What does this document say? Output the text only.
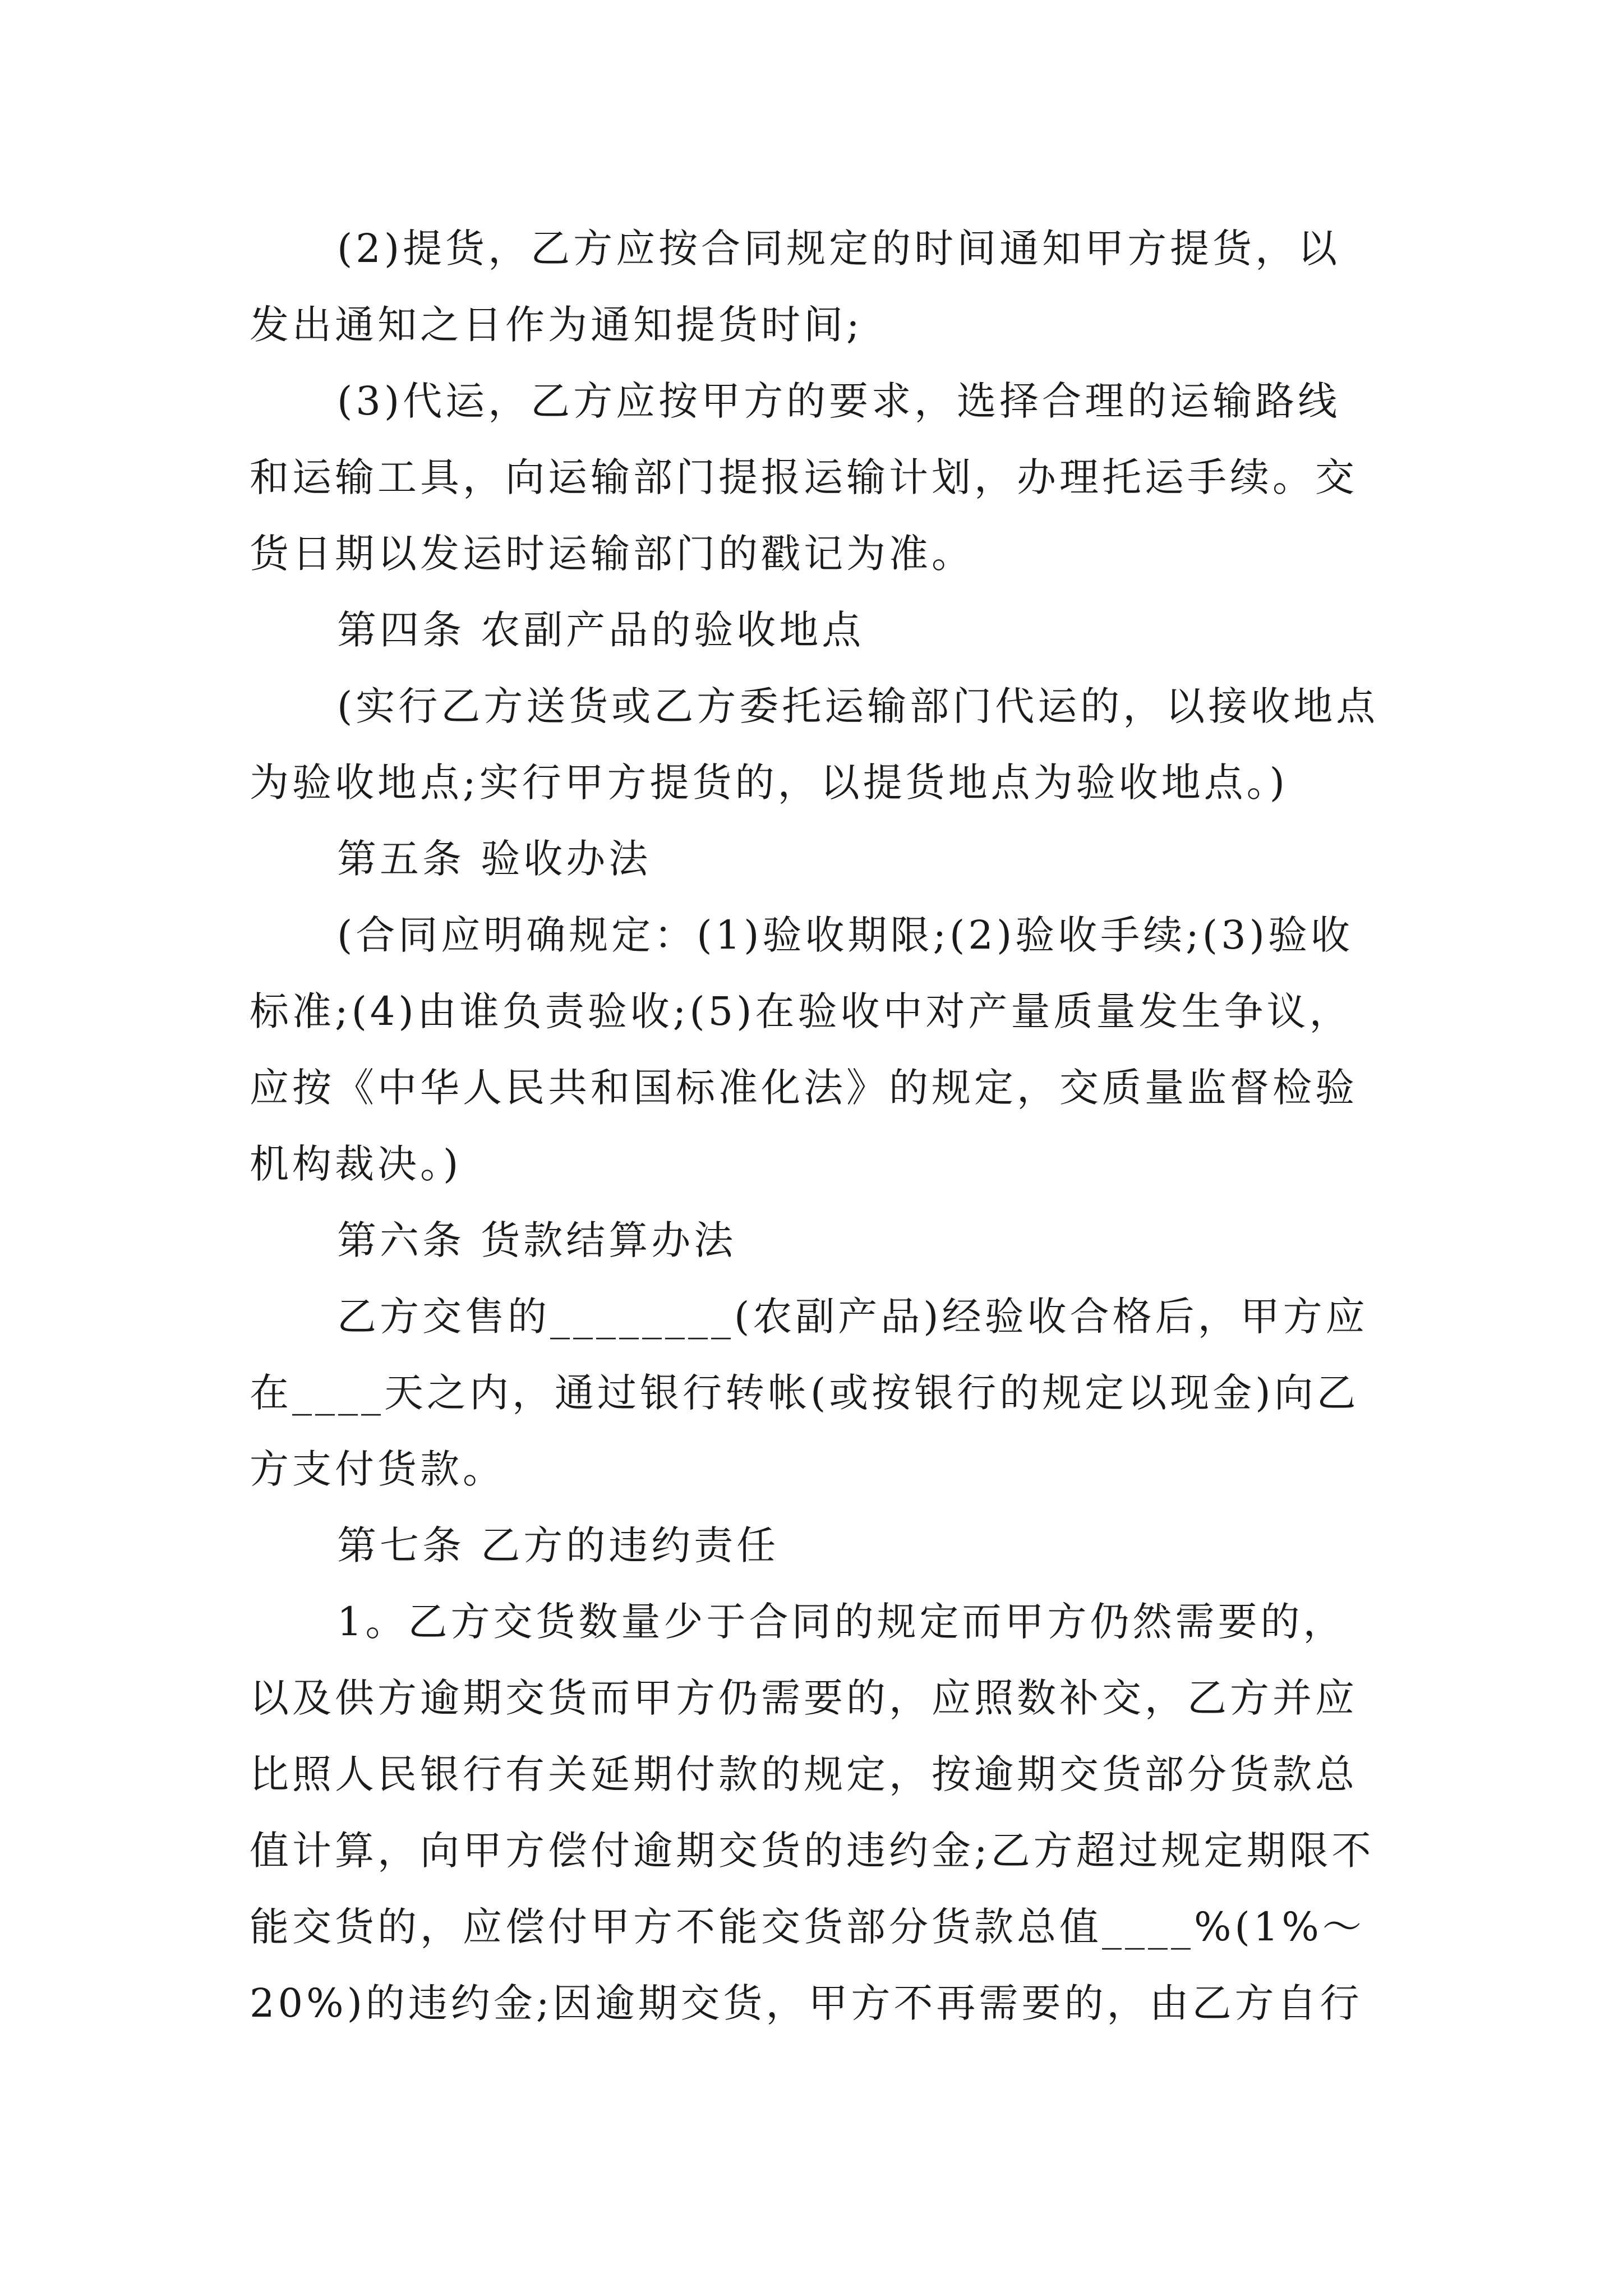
(2)提货，乙方应按合同规定的时间通知甲方提货，以发出通知之日作为通知提货时间;

(3)代运，乙方应按甲方的要求，选择合理的运输路线和运输工具，向运输部门提报运输计划，办理托运手续。交货日期以发运时运输部门的戳记为准。

第四条 农副产品的验收地点

(实行乙方送货或乙方委托运输部门代运的，以接收地点为验收地点;实行甲方提货的，以提货地点为验收地点。)

第五条 验收办法

(合同应明确规定：(1)验收期限;(2)验收手续;(3)验收标准;(4)由谁负责验收;(5)在验收中对产量质量发生争议，应按《中华人民共和国标准化法》的规定，交质量监督检验机构裁决。)

第六条 货款结算办法

乙方交售的________(农副产品)经验收合格后，甲方应在____天之内，通过银行转帐(或按银行的规定以现金)向乙方支付货款。

第七条 乙方的违约责任

1。乙方交货数量少于合同的规定而甲方仍然需要的，以及供方逾期交货而甲方仍需要的，应照数补交，乙方并应比照人民银行有关延期付款的规定，按逾期交货部分货款总值计算，向甲方偿付逾期交货的违约金;乙方超过规定期限不能交货的，应偿付甲方不能交货部分货款总值____%(1%～20%)的违约金;因逾期交货，甲方不再需要的，由乙方自行
